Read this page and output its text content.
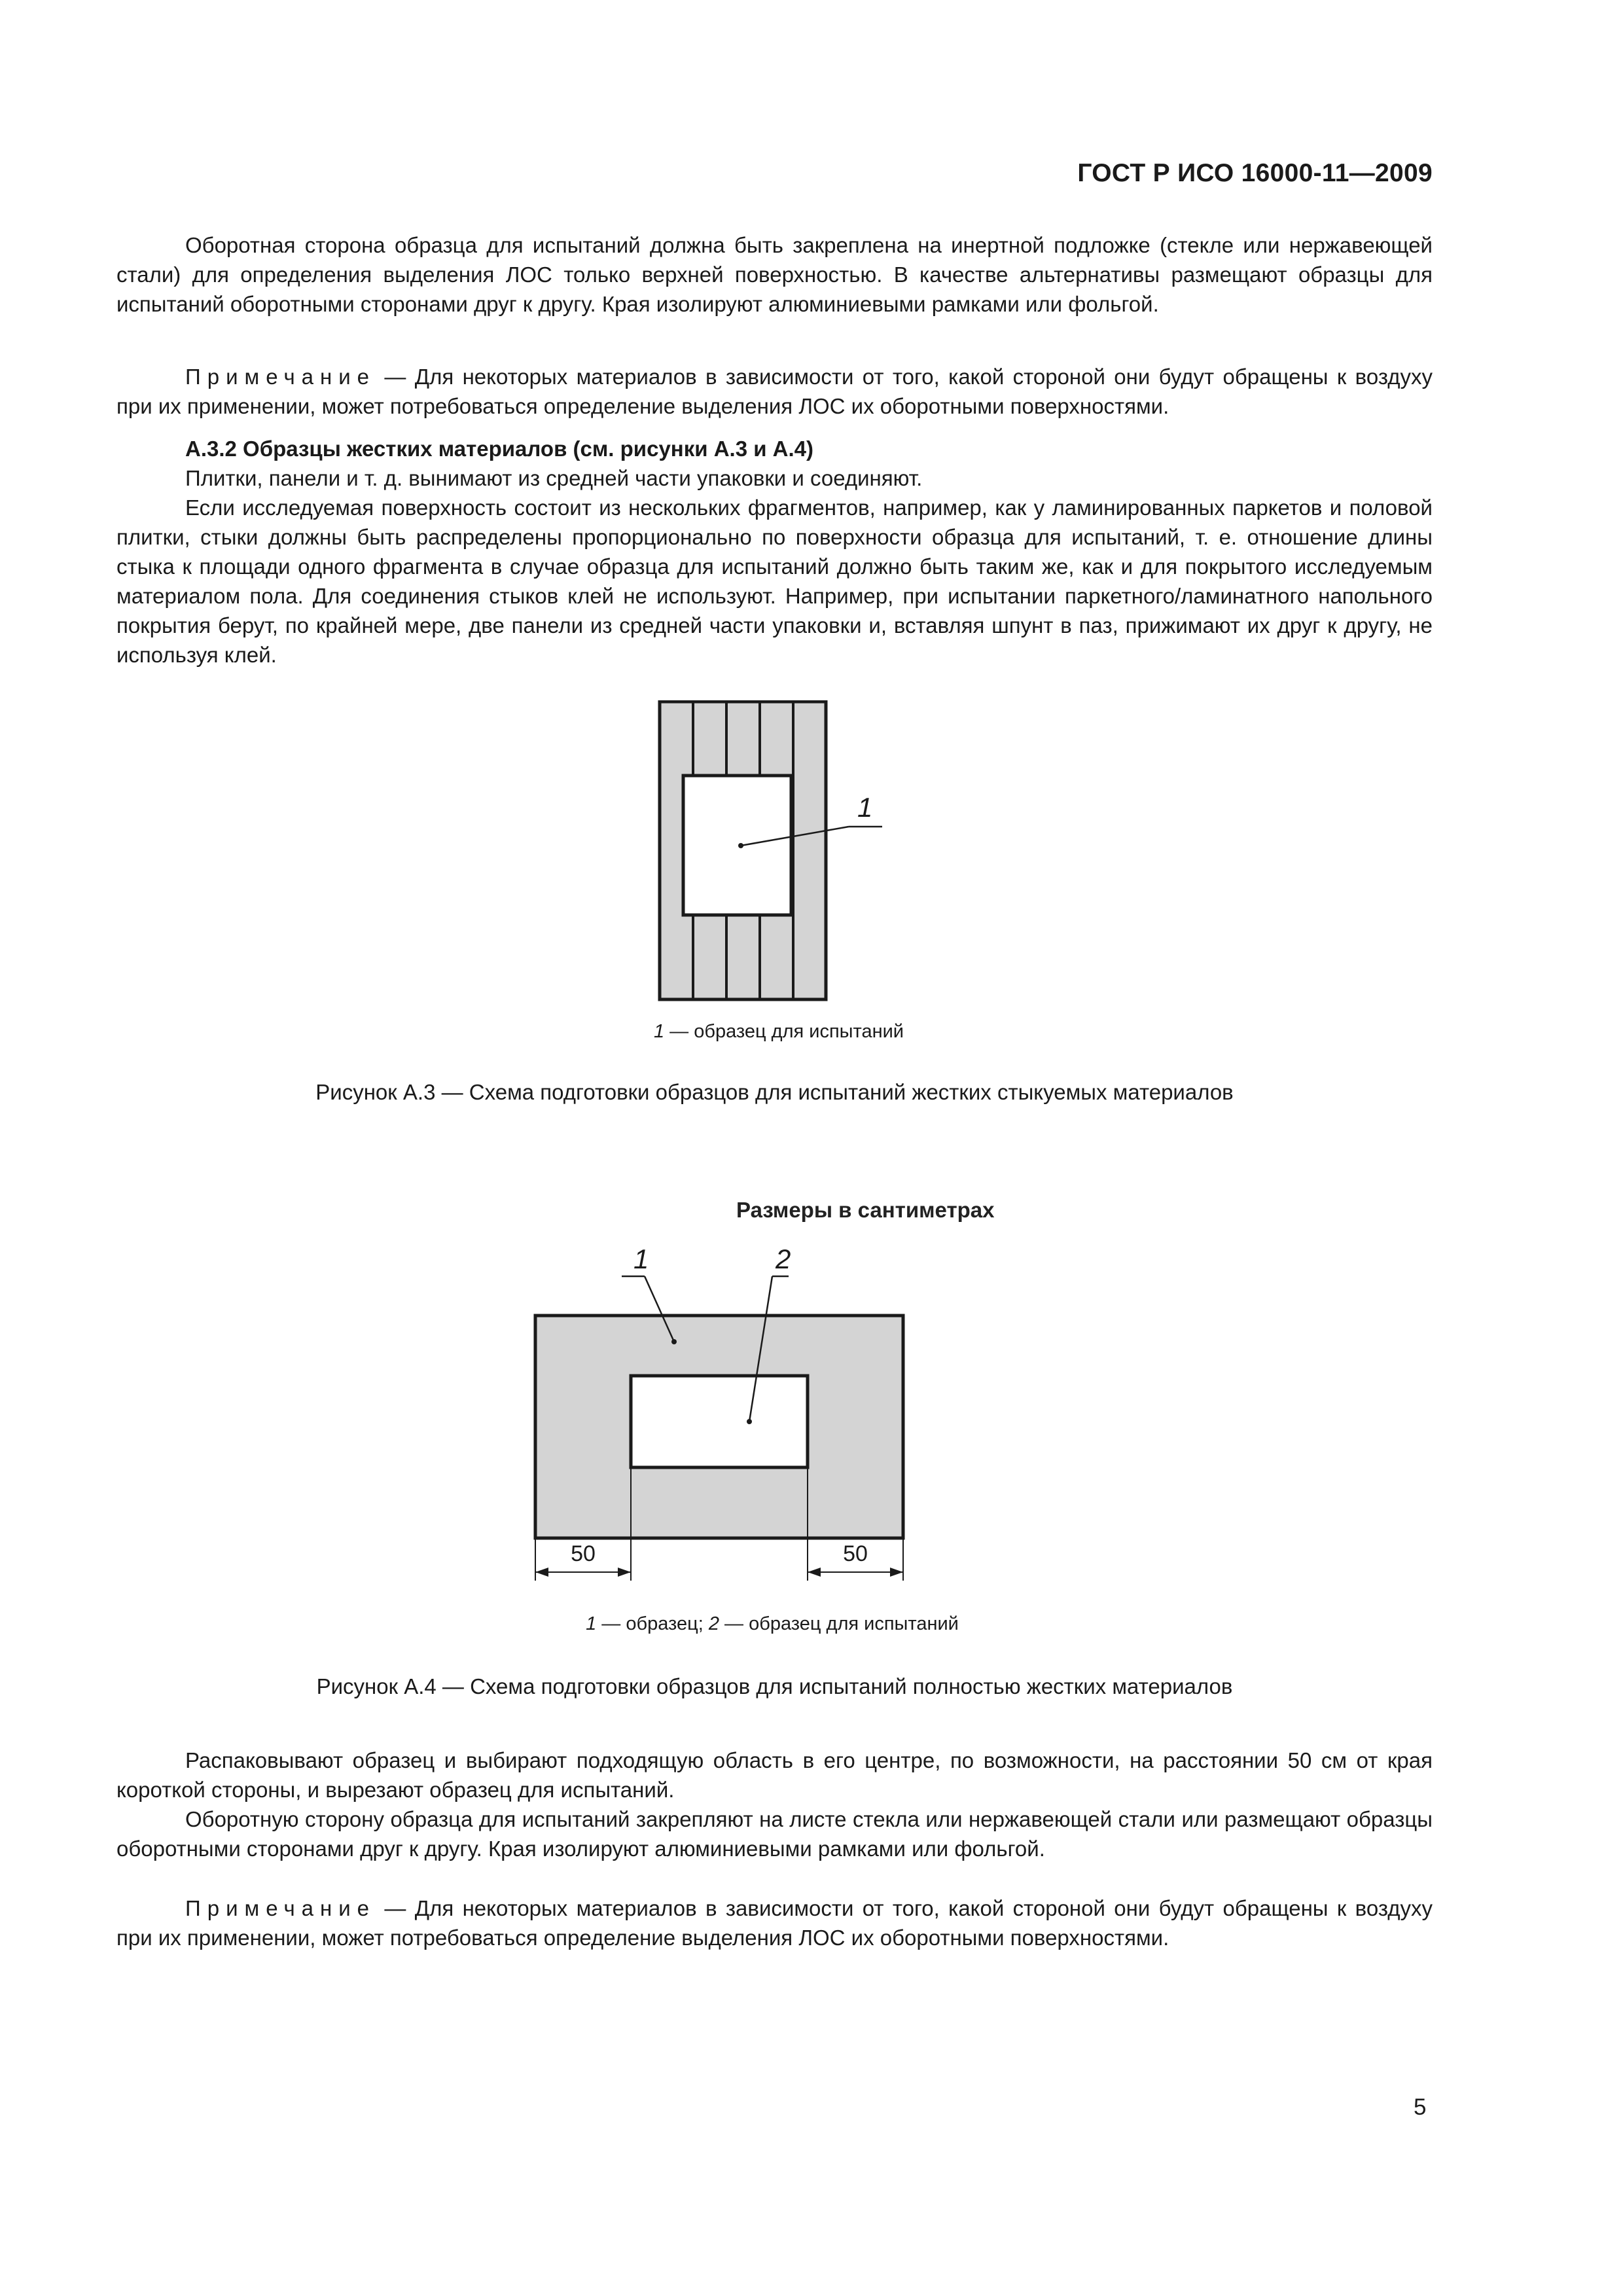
ГОСТ Р ИСО 16000-11—2009
Оборотная сторона образца для испытаний должна быть закреплена на инертной подложке (стекле или нержавеющей стали) для определения выделения ЛОС только верхней поверхностью. В качестве альтернативы размещают образцы для испытаний оборотными сторонами друг к другу. Края изолируют алюминиевыми рамками или фольгой.
Примечание — Для некоторых материалов в зависимости от того, какой стороной они будут обращены к воздуху при их применении, может потребоваться определение выделения ЛОС их оборотными поверхностями.
А.3.2 Образцы жестких материалов (см. рисунки А.3 и А.4)
Плитки, панели и т. д. вынимают из средней части упаковки и соединяют.
Если исследуемая поверхность состоит из нескольких фрагментов, например, как у ламинированных паркетов и половой плитки, стыки должны быть распределены пропорционально по поверхности образца для испытаний, т. е. отношение длины стыка к площади одного фрагмента в случае образца для испытаний должно быть таким же, как и для покрытого исследуемым материалом пола. Для соединения стыков клей не используют. Например, при испытании паркетного/ламинатного напольного покрытия берут, по крайней мере, две панели из средней части упаковки и, вставляя шпунт в паз, прижимают их друг к другу, не используя клей.
1
1 — образец для испытаний
Рисунок А.3 — Схема подготовки образцов для испытаний жестких стыкуемых материалов
Размеры в сантиметрах
1	2
50	50
1 — образец; 2 — образец для испытаний
Рисунок А.4 — Схема подготовки образцов для испытаний полностью жестких материалов
Распаковывают образец и выбирают подходящую область в его центре, по возможности, на расстоянии 50 см от края короткой стороны, и вырезают образец для испытаний.
Оборотную сторону образца для испытаний закрепляют на листе стекла или нержавеющей стали или размещают образцы оборотными сторонами друг к другу. Края изолируют алюминиевыми рамками или фольгой.
Примечание — Для некоторых материалов в зависимости от того, какой стороной они будут обращены к воздуху при их применении, может потребоваться определение выделения ЛОС их оборотными поверхностями.
5
